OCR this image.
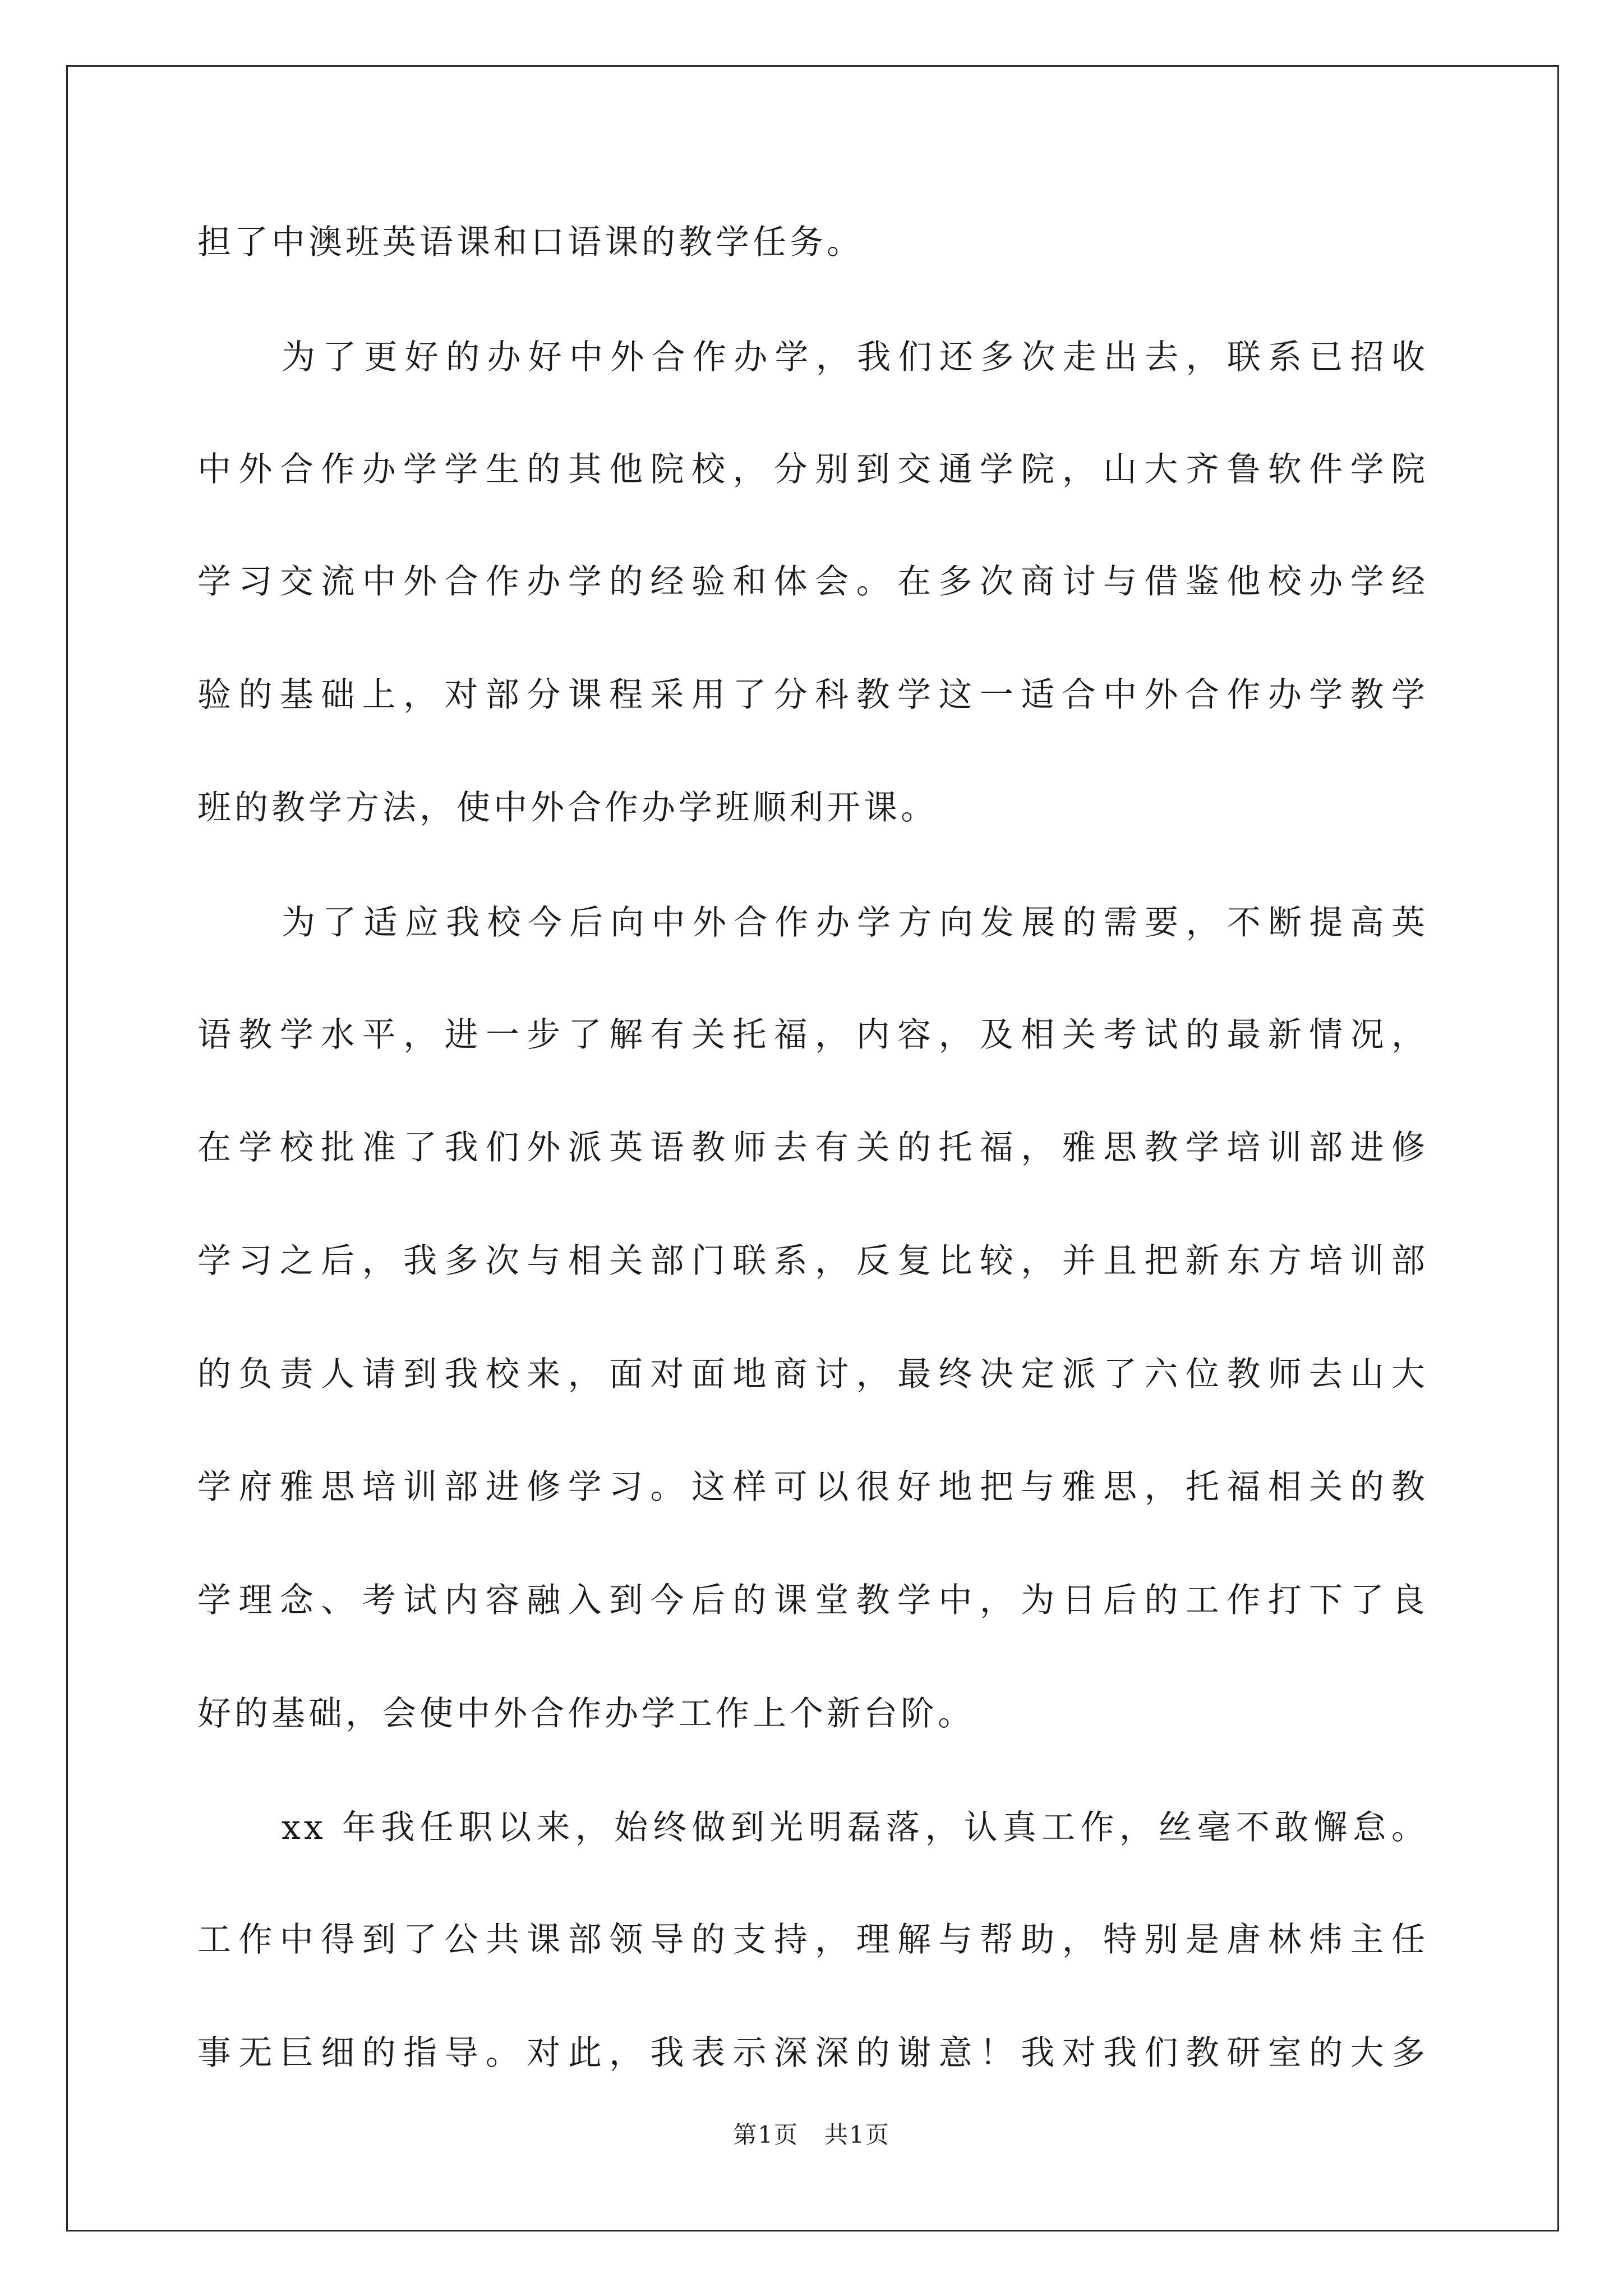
担了中澳班英语课和口语课的教学任务。
为了更好的办好中外合作办学，我们还多次走出去，联系已招收
中外合作办学学生的其他院校，分别到交通学院，山大齐鲁软件学院
学习交流中外合作办学的经验和体会。在多次商讨与借鉴他校办学经
验的基础上，对部分课程采用了分科教学这一适合中外合作办学教学
班的教学方法，使中外合作办学班顺利开课。
为了适应我校今后向中外合作办学方向发展的需要，不断提高英
语教学水平，进一步了解有关托福，内容，及相关考试的最新情况，
在学校批准了我们外派英语教师去有关的托福，雅思教学培训部进修
学习之后，我多次与相关部门联系，反复比较，并且把新东方培训部
的负责人请到我校来，面对面地商讨，最终决定派了六位教师去山大
学府雅思培训部进修学习。这样可以很好地把与雅思，托福相关的教
学理念、考试内容融入到今后的课堂教学中，为日后的工作打下了良
好的基础，会使中外合作办学工作上个新台阶。
xx 年我任职以来，始终做到光明磊落，认真工作，丝毫不敢懈怠。
工作中得到了公共课部领导的支持，理解与帮助，特别是唐林炜主任
事无巨细的指导。对此，我表示深深的谢意！我对我们教研室的大多
第1页   共1页
